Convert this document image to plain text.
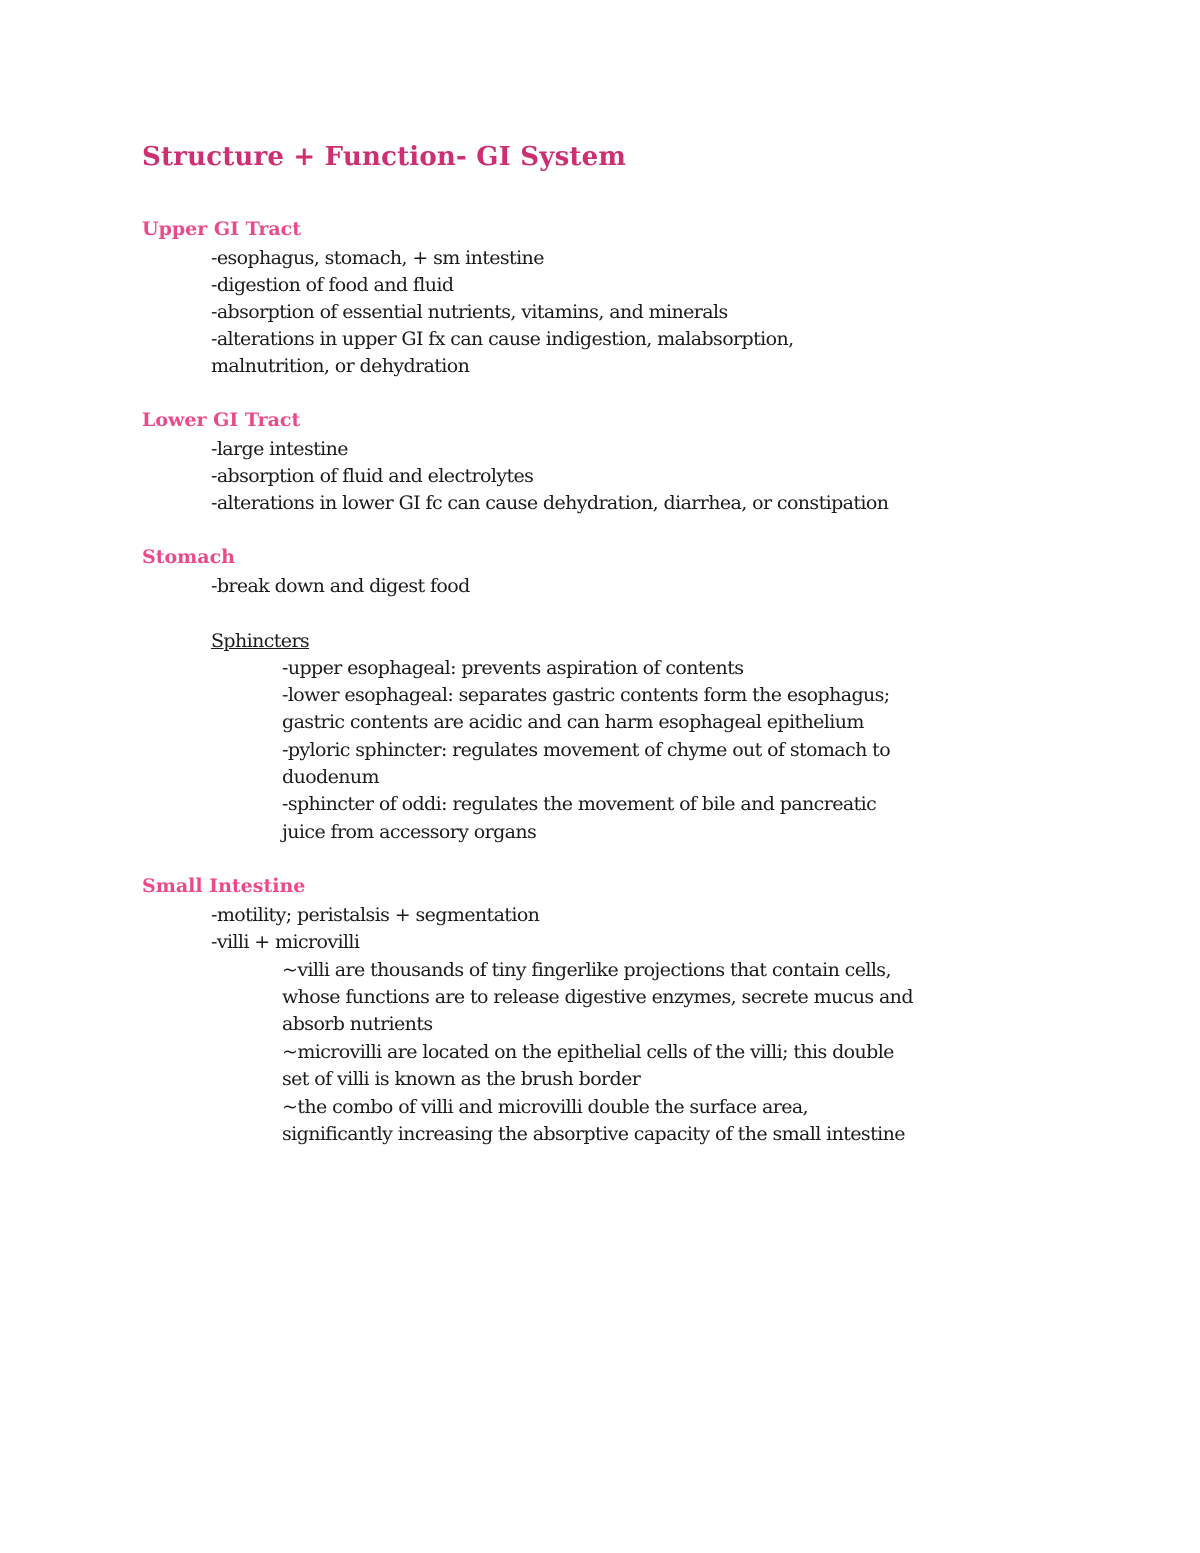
Structure + Function- GI System
Upper GI Tract
-esophagus, stomach, + sm intestine
-digestion of food and fluid
-absorption of essential nutrients, vitamins, and minerals
-alterations in upper GI fx can cause indigestion, malabsorption,
malnutrition, or dehydration
Lower GI Tract
-large intestine
-absorption of fluid and electrolytes
-alterations in lower GI fc can cause dehydration, diarrhea, or constipation
Stomach
-break down and digest food
Sphincters
-upper esophageal: prevents aspiration of contents
-lower esophageal: separates gastric contents form the esophagus;
gastric contents are acidic and can harm esophageal epithelium
-pyloric sphincter: regulates movement of chyme out of stomach to
duodenum
-sphincter of oddi: regulates the movement of bile and pancreatic
juice from accessory organs
Small Intestine
-motility; peristalsis + segmentation
-villi + microvilli
~villi are thousands of tiny fingerlike projections that contain cells,
whose functions are to release digestive enzymes, secrete mucus and
absorb nutrients
~microvilli are located on the epithelial cells of the villi; this double
set of villi is known as the brush border
~the combo of villi and microvilli double the surface area,
significantly increasing the absorptive capacity of the small intestine
